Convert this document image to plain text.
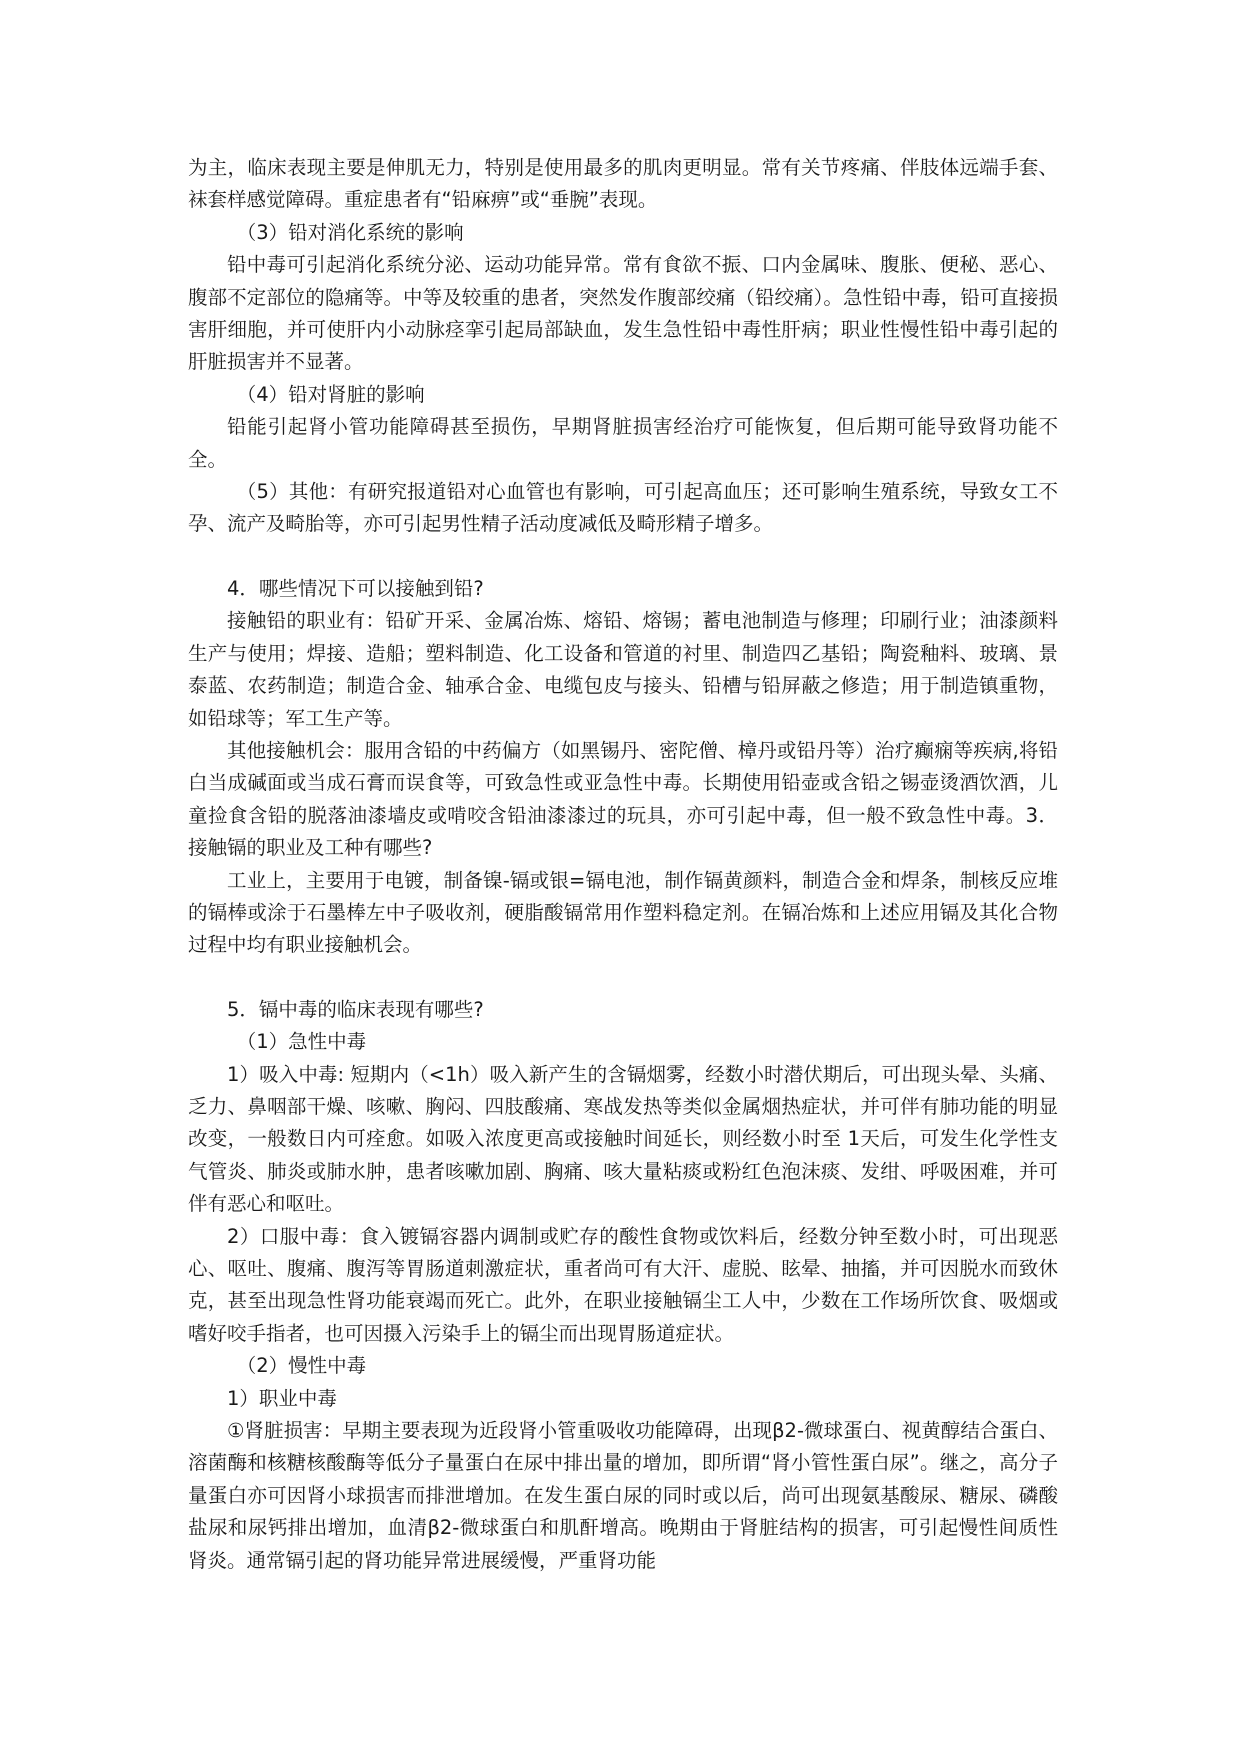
为主，临床表现主要是伸肌无力，特别是使用最多的肌肉更明显。常有关节疼痛、伴肢体远端手套、袜套样感觉障碍。重症患者有“铅麻痹”或“垂腕”表现。

（3）铅对消化系统的影响

铅中毒可引起消化系统分泌、运动功能异常。常有食欲不振、口内金属味、腹胀、便秘、恶心、腹部不定部位的隐痛等。中等及较重的患者，突然发作腹部绞痛（铅绞痛）。急性铅中毒，铅可直接损害肝细胞，并可使肝内小动脉痉挛引起局部缺血，发生急性铅中毒性肝病；职业性慢性铅中毒引起的肝脏损害并不显著。

（4）铅对肾脏的影响

铅能引起肾小管功能障碍甚至损伤，早期肾脏损害经治疗可能恢复，但后期可能导致肾功能不全。

（5）其他：有研究报道铅对心血管也有影响，可引起高血压；还可影响生殖系统，导致女工不孕、流产及畸胎等，亦可引起男性精子活动度减低及畸形精子增多。

4．哪些情况下可以接触到铅?

接触铅的职业有：铅矿开采、金属冶炼、熔铅、熔锡；蓄电池制造与修理；印刷行业；油漆颜料生产与使用；焊接、造船；塑料制造、化工设备和管道的衬里、制造四乙基铅；陶瓷釉料、玻璃、景泰蓝、农药制造；制造合金、轴承合金、电缆包皮与接头、铅槽与铅屏蔽之修造；用于制造镇重物，如铅球等；军工生产等。

其他接触机会：服用含铅的中药偏方（如黑锡丹、密陀僧、樟丹或铅丹等）治疗癫痫等疾病,将铅白当成碱面或当成石膏而误食等，可致急性或亚急性中毒。长期使用铅壶或含铅之锡壶烫酒饮酒，儿童捡食含铅的脱落油漆墙皮或啃咬含铅油漆漆过的玩具，亦可引起中毒，但一般不致急性中毒。3．接触镉的职业及工种有哪些?

工业上，主要用于电镀，制备镍-镉或银=镉电池，制作镉黄颜料，制造合金和焊条，制核反应堆的镉棒或涂于石墨棒左中子吸收剂，硬脂酸镉常用作塑料稳定剂。在镉冶炼和上述应用镉及其化合物过程中均有职业接触机会。

5．镉中毒的临床表现有哪些?

（1）急性中毒

1）吸入中毒: 短期内（<1h）吸入新产生的含镉烟雾，经数小时潜伏期后，可出现头晕、头痛、乏力、鼻咽部干燥、咳嗽、胸闷、四肢酸痛、寒战发热等类似金属烟热症状，并可伴有肺功能的明显改变，一般数日内可痊愈。如吸入浓度更高或接触时间延长，则经数小时至 1天后，可发生化学性支气管炎、肺炎或肺水肿，患者咳嗽加剧、胸痛、咳大量粘痰或粉红色泡沫痰、发绀、呼吸困难，并可伴有恶心和呕吐。

2）口服中毒：食入镀镉容器内调制或贮存的酸性食物或饮料后，经数分钟至数小时，可出现恶心、呕吐、腹痛、腹泻等胃肠道刺激症状，重者尚可有大汗、虚脱、眩晕、抽搐，并可因脱水而致休克，甚至出现急性肾功能衰竭而死亡。此外，在职业接触镉尘工人中，少数在工作场所饮食、吸烟或嗜好咬手指者，也可因摄入污染手上的镉尘而出现胃肠道症状。

（2）慢性中毒

1）职业中毒

①肾脏损害：早期主要表现为近段肾小管重吸收功能障碍，出现β2-微球蛋白、视黄醇结合蛋白、溶菌酶和核糖核酸酶等低分子量蛋白在尿中排出量的增加，即所谓“肾小管性蛋白尿”。继之，高分子量蛋白亦可因肾小球损害而排泄增加。在发生蛋白尿的同时或以后，尚可出现氨基酸尿、糖尿、磷酸盐尿和尿钙排出增加，血清β2-微球蛋白和肌酐增高。晚期由于肾脏结构的损害，可引起慢性间质性肾炎。通常镉引起的肾功能异常进展缓慢，严重肾功能
